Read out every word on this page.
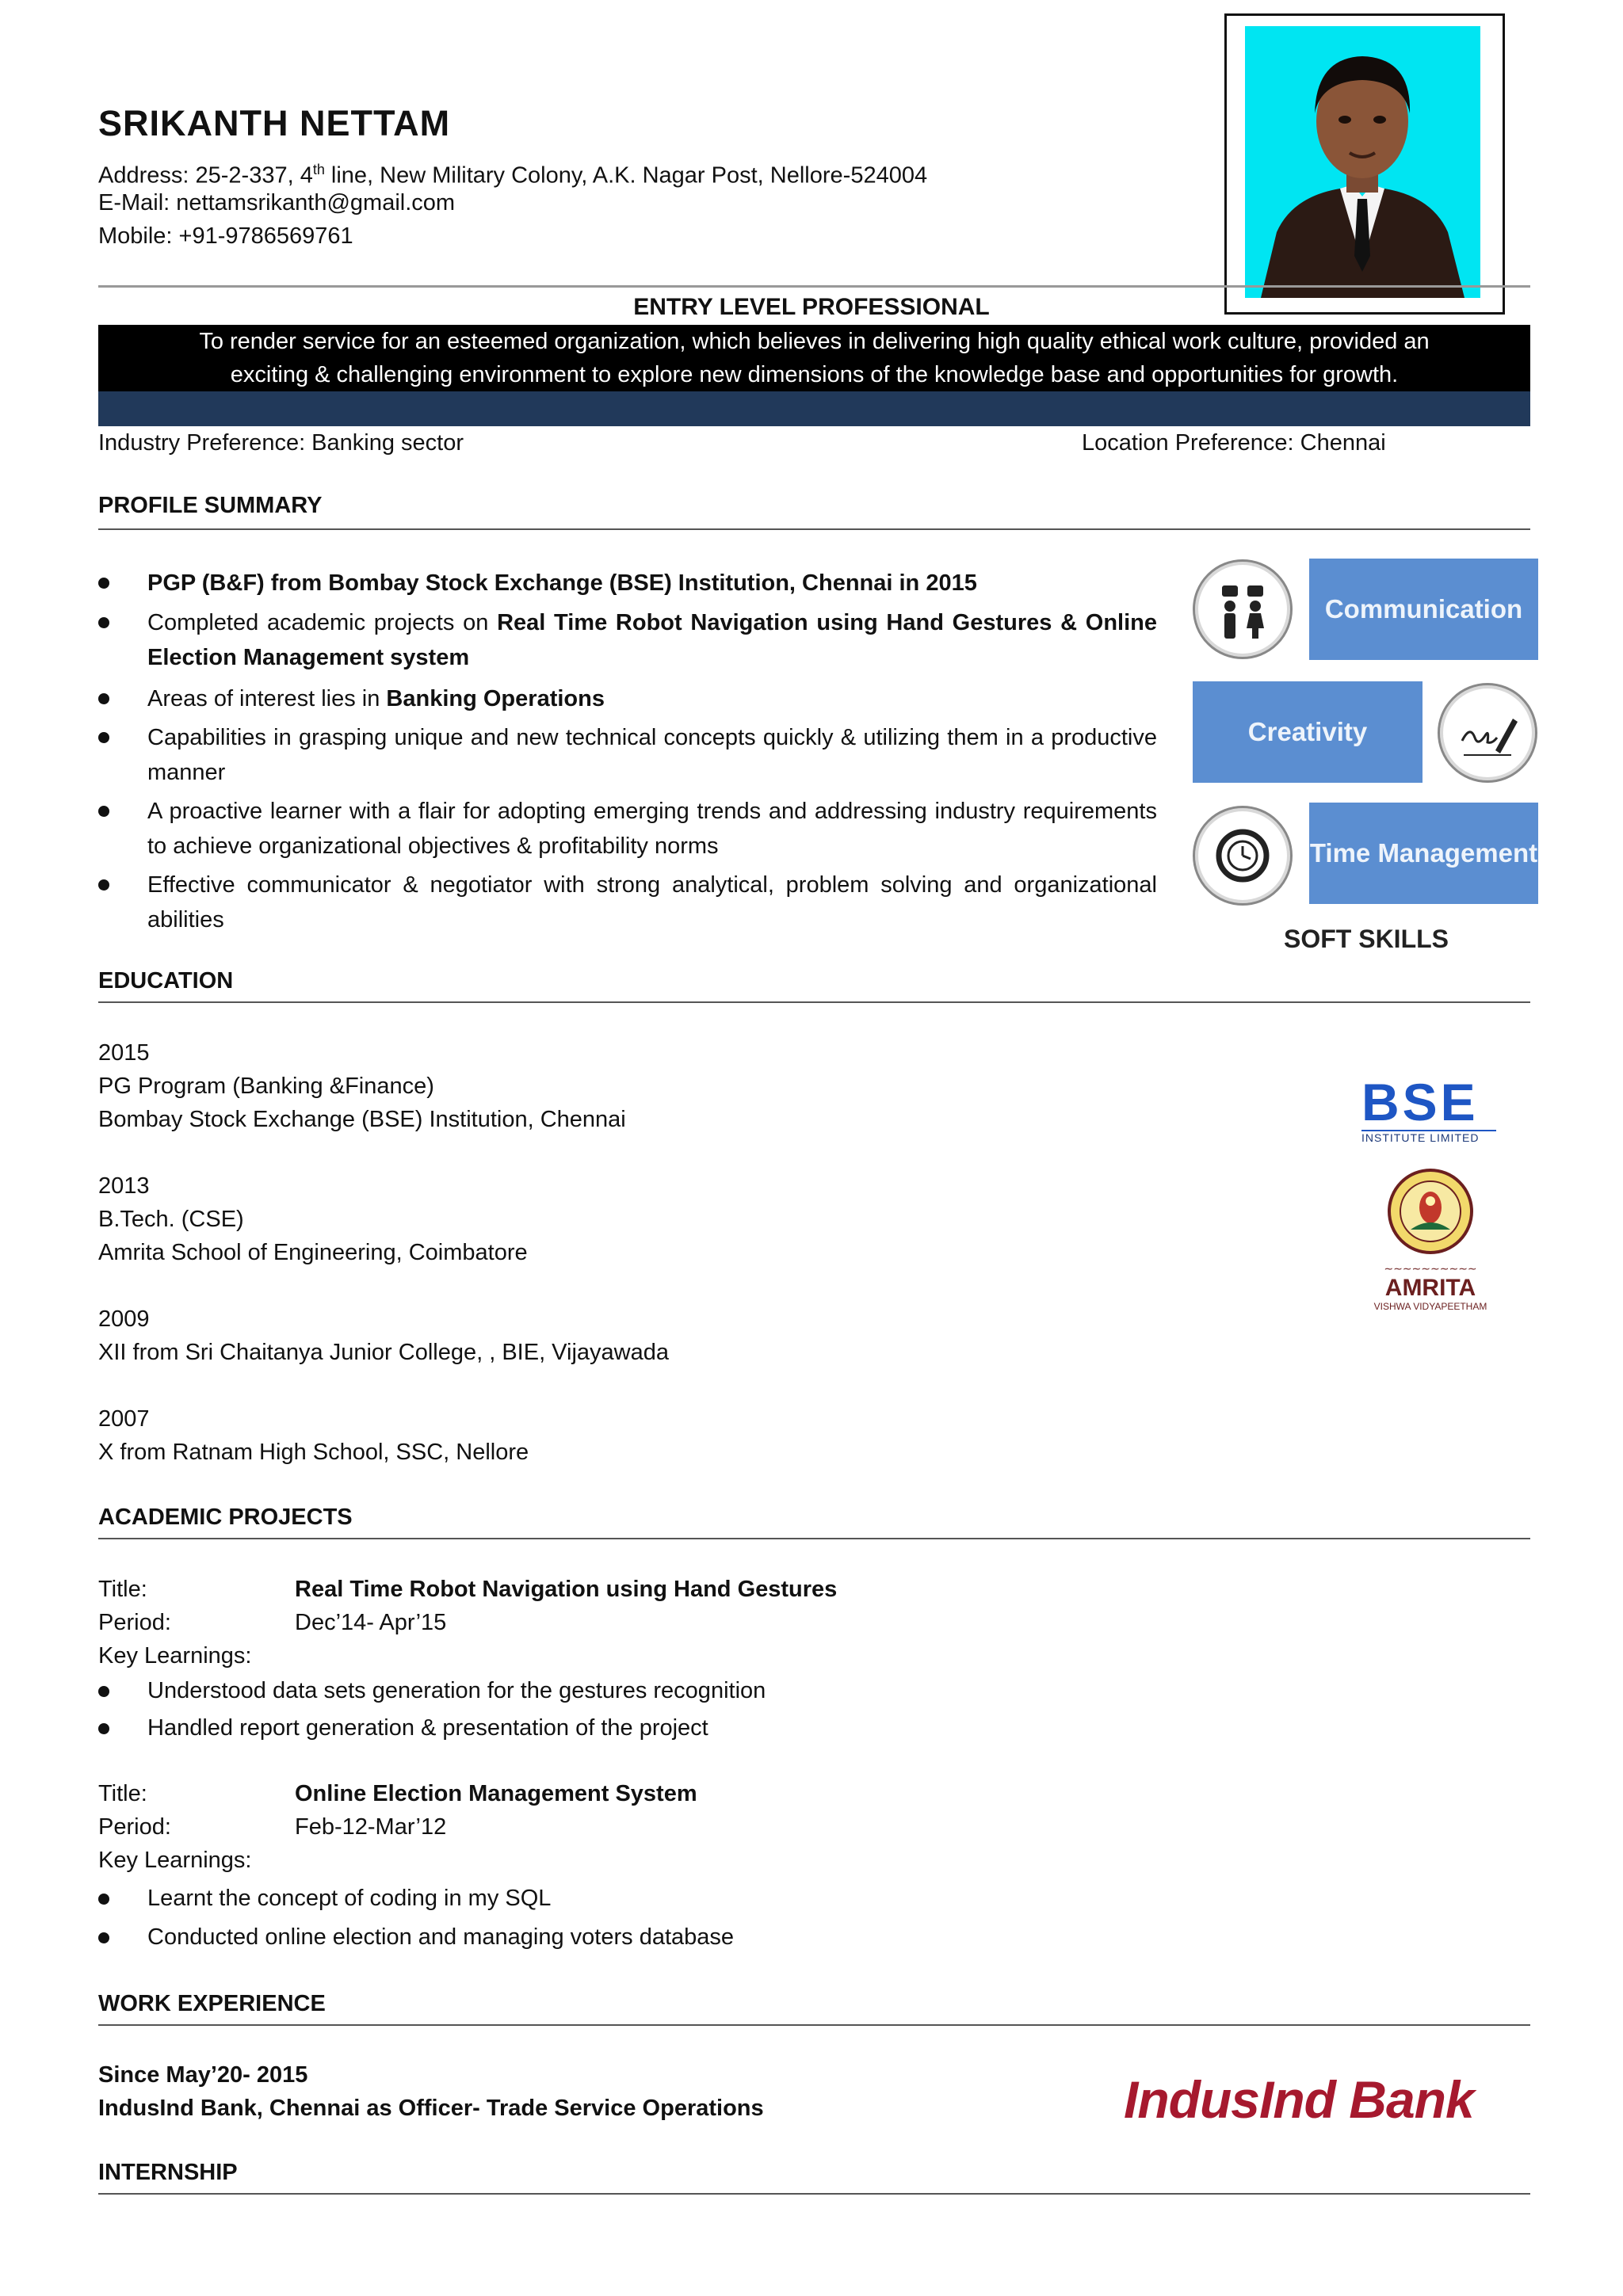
SRIKANTH NETTAM
Address: 25-2-337, 4th line, New Military Colony, A.K. Nagar Post, Nellore-524004
E-Mail: nettamsrikanth@gmail.com
Mobile: +91-9786569761
ENTRY LEVEL PROFESSIONAL
To render service for an esteemed organization, which believes in delivering high quality ethical work culture, provided an
exciting & challenging environment to explore new dimensions of the knowledge base and opportunities for growth.
Industry Preference: Banking sector	Location Preference: Chennai
PROFILE SUMMARY
PGP (B&F) from Bombay Stock Exchange (BSE) Institution, Chennai in 2015
Completed academic projects on Real Time Robot Navigation using Hand Gestures & Online Election Management system
Areas of interest lies in Banking Operations
Capabilities in grasping unique and new technical concepts quickly & utilizing them in a productive manner
A proactive learner with a flair for adopting emerging trends and addressing industry requirements to achieve organizational objectives & profitability norms
Effective communicator & negotiator with strong analytical, problem solving and organizational abilities
Communication
Creativity
Time Management
SOFT SKILLS
EDUCATION
2015
PG Program (Banking &Finance)
Bombay Stock Exchange (BSE) Institution, Chennai
2013
B.Tech. (CSE)
Amrita School of Engineering, Coimbatore
2009
XII from Sri Chaitanya Junior College, , BIE, Vijayawada
2007
X from Ratnam High School, SSC, Nellore
BSE
INSTITUTE LIMITED
∼∼∼∼∼∼∼∼∼∼
AMRITA
VISHWA VIDYAPEETHAM
ACADEMIC PROJECTS
Title:	Real Time Robot Navigation using Hand Gestures
Period:	Dec’14- Apr’15
Key Learnings:
Understood data sets generation for the gestures recognition
Handled report generation & presentation of the project
Title:	Online Election Management System
Period:	Feb-12-Mar’12
Key Learnings:
Learnt the concept of coding in my SQL
Conducted online election and managing voters database
WORK EXPERIENCE
Since May’20- 2015
IndusInd Bank, Chennai as Officer- Trade Service Operations	IndusInd Bank
INTERNSHIP
